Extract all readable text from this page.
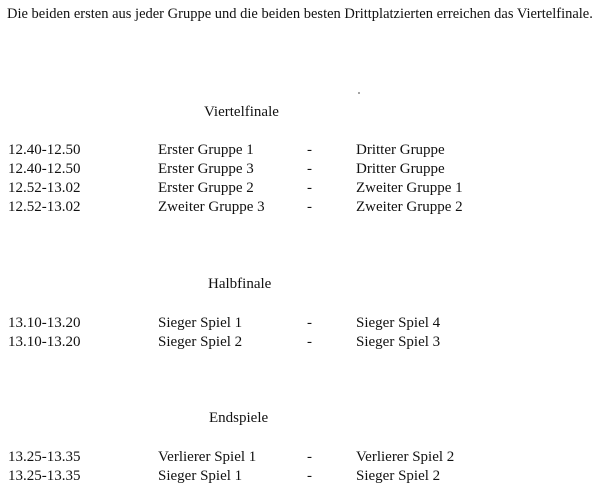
Die beiden ersten aus jeder Gruppe und die beiden besten Drittplatzierten erreichen das Viertelfinale.

Viertelfinale
12.40-12.50	Erster Gruppe 1	-	Dritter Gruppe
12.40-12.50	Erster Gruppe 3	-	Dritter Gruppe
12.52-13.02	Erster Gruppe 2	-	Zweiter Gruppe 1
12.52-13.02	Zweiter Gruppe 3	-	Zweiter Gruppe 2
Halbfinale
13.10-13.20	Sieger Spiel 1	-	Sieger Spiel 4
13.10-13.20	Sieger Spiel 2	-	Sieger Spiel 3
Endspiele
13.25-13.35	Verlierer Spiel 1	-	Verlierer Spiel 2
13.25-13.35	Sieger Spiel 1	-	Sieger Spiel 2
